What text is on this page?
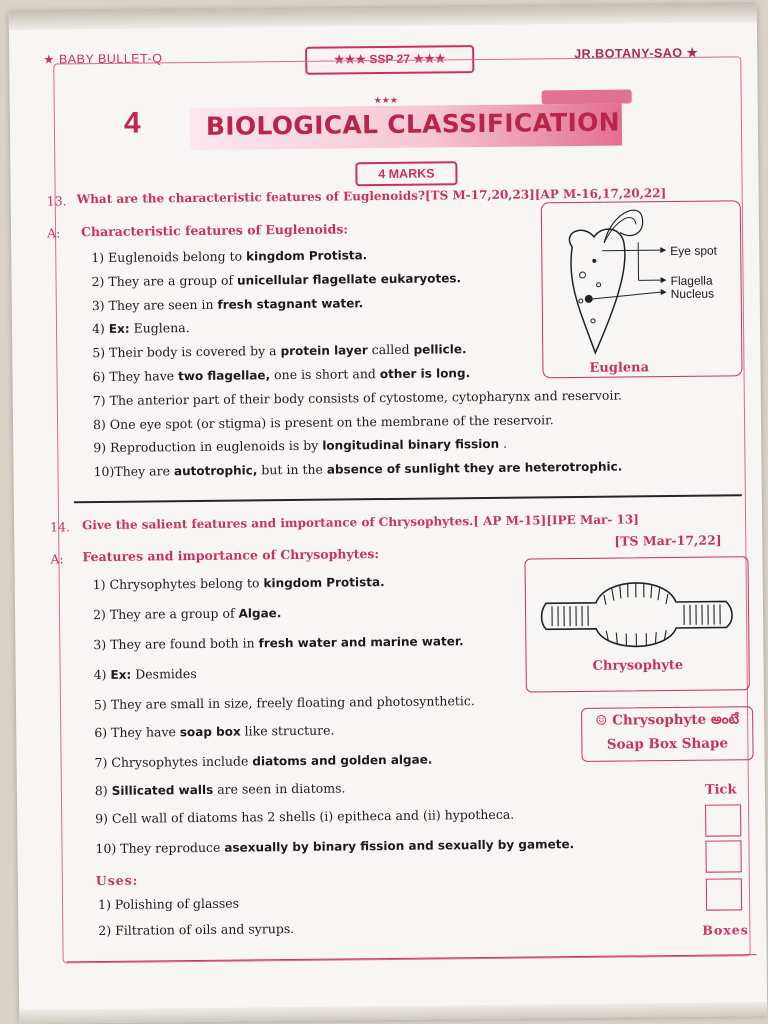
★ BABY BULLET-Q	★★★ SSP 27 ★★★	JR.BOTANY-SAO ★
4
★★★
BIOLOGICAL CLASSIFICATION
4 MARKS
13. What are the characteristic features of Euglenoids?[TS M-17,20,23][AP M-16,17,20,22]
A: Characteristic features of Euglenoids:
1) Euglenoids belong to kingdom Protista.
2) They are a group of unicellular flagellate eukaryotes.
3) They are seen in fresh stagnant water.
4) Ex: Euglena.
5) Their body is covered by a protein layer called pellicle.
6) They have two flagellae, one is short and other is long.
7) The anterior part of their body consists of cytostome, cytopharynx and reservoir.
8) One eye spot (or stigma) is present on the membrane of the reservoir.
9) Reproduction in euglenoids is by longitudinal binary fission .
10)They are autotrophic, but in the absence of sunlight they are heterotrophic.
Eye spot
Flagella
Nucleus
Euglena
14. Give the salient features and importance of Chrysophytes.[ AP M-15][IPE Mar- 13]
[TS Mar-17,22]
A: Features and importance of Chrysophytes:
1) Chrysophytes belong to kingdom Protista.
2) They are a group of Algae.
3) They are found both in fresh water and marine water.
4) Ex: Desmides
5) They are small in size, freely floating and photosynthetic.
6) They have soap box like structure.
7) Chrysophytes include diatoms and golden algae.
8) Sillicated walls are seen in diatoms.
9) Cell wall of diatoms has 2 shells (i) epitheca and (ii) hypotheca.
10) They reproduce asexually by binary fission and sexually by gamete.
Chrysophyte
☺ Chrysophyte అంటే
Soap Box Shape
Uses:
1) Polishing of glasses
2) Filtration of oils and syrups.
Tick
Boxes
